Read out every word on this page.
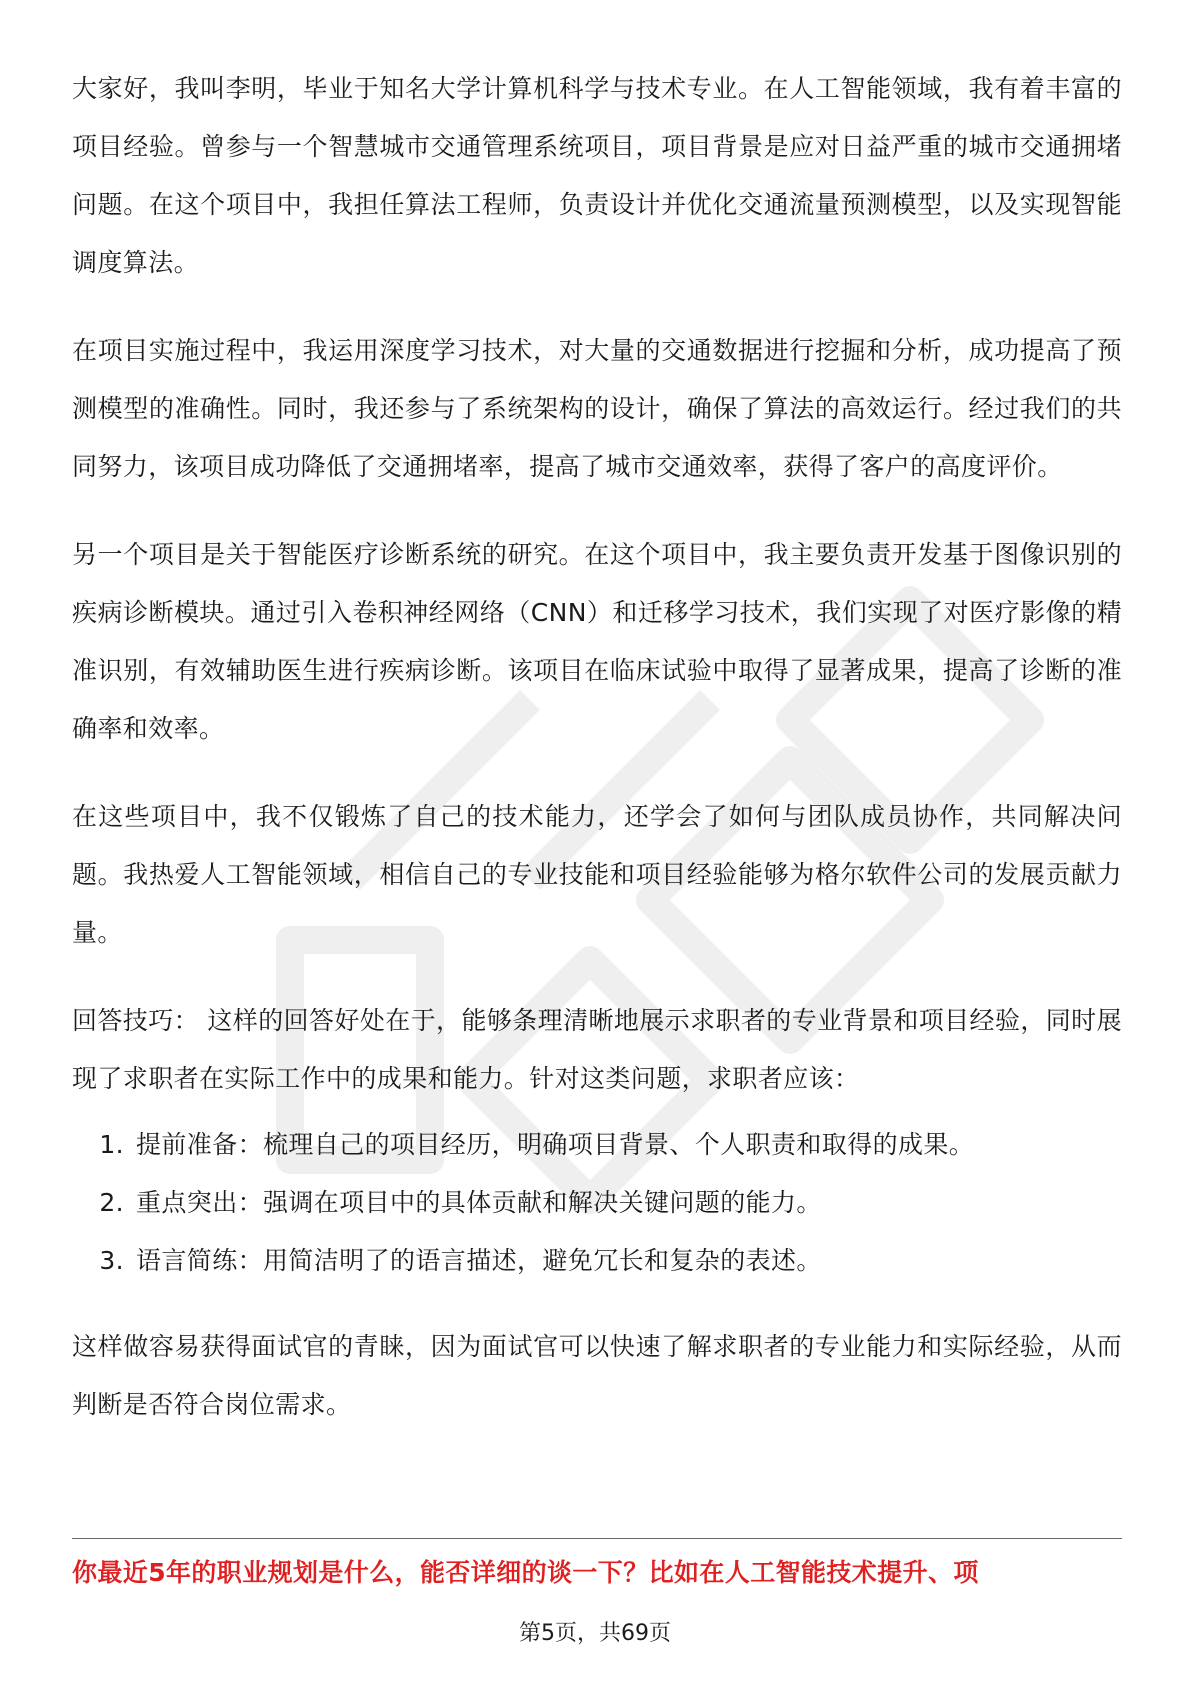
大家好，我叫李明，毕业于知名大学计算机科学与技术专业。在人工智能领域，我有着丰富的项目经验。曾参与一个智慧城市交通管理系统项目，项目背景是应对日益严重的城市交通拥堵问题。在这个项目中，我担任算法工程师，负责设计并优化交通流量预测模型，以及实现智能调度算法。

在项目实施过程中，我运用深度学习技术，对大量的交通数据进行挖掘和分析，成功提高了预测模型的准确性。同时，我还参与了系统架构的设计，确保了算法的高效运行。经过我们的共同努力，该项目成功降低了交通拥堵率，提高了城市交通效率，获得了客户的高度评价。

另一个项目是关于智能医疗诊断系统的研究。在这个项目中，我主要负责开发基于图像识别的疾病诊断模块。通过引入卷积神经网络（CNN）和迁移学习技术，我们实现了对医疗影像的精准识别，有效辅助医生进行疾病诊断。该项目在临床试验中取得了显著成果，提高了诊断的准确率和效率。

在这些项目中，我不仅锻炼了自己的技术能力，还学会了如何与团队成员协作，共同解决问题。我热爱人工智能领域，相信自己的专业技能和项目经验能够为格尔软件公司的发展贡献力量。

回答技巧： 这样的回答好处在于，能够条理清晰地展示求职者的专业背景和项目经验，同时展现了求职者在实际工作中的成果和能力。针对这类问题，求职者应该：

1. 提前准备：梳理自己的项目经历，明确项目背景、个人职责和取得的成果。
2. 重点突出：强调在项目中的具体贡献和解决关键问题的能力。
3. 语言简练：用简洁明了的语言描述，避免冗长和复杂的表述。

这样做容易获得面试官的青睐，因为面试官可以快速了解求职者的专业能力和实际经验，从而判断是否符合岗位需求。

你最近5年的职业规划是什么，能否详细的谈一下？比如在人工智能技术提升、项
第5页，共69页
